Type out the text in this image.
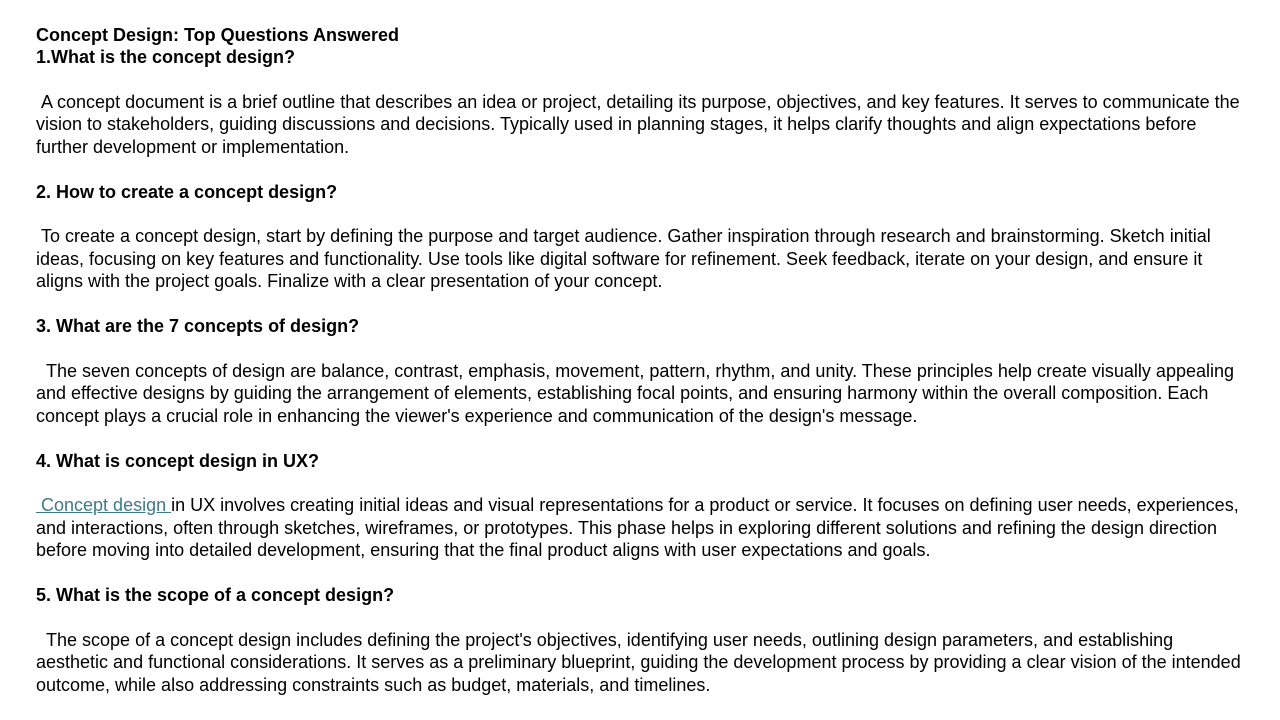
Concept Design: Top Questions Answered

1.What is the concept design?

A concept document is a brief outline that describes an idea or project, detailing its purpose, objectives, and key features. It serves to communicate the vision to stakeholders, guiding discussions and decisions. Typically used in planning stages, it helps clarify thoughts and align expectations before further development or implementation.

2. How to create a concept design?

To create a concept design, start by defining the purpose and target audience. Gather inspiration through research and brainstorming. Sketch initial ideas, focusing on key features and functionality. Use tools like digital software for refinement. Seek feedback, iterate on your design, and ensure it aligns with the project goals. Finalize with a clear presentation of your concept.

3. What are the 7 concepts of design?

The seven concepts of design are balance, contrast, emphasis, movement, pattern, rhythm, and unity. These principles help create visually appealing and effective designs by guiding the arrangement of elements, establishing focal points, and ensuring harmony within the overall composition. Each concept plays a crucial role in enhancing the viewer's experience and communication of the design's message.

4. What is concept design in UX?

Concept design in UX involves creating initial ideas and visual representations for a product or service. It focuses on defining user needs, experiences, and interactions, often through sketches, wireframes, or prototypes. This phase helps in exploring different solutions and refining the design direction before moving into detailed development, ensuring that the final product aligns with user expectations and goals.

5. What is the scope of a concept design?

The scope of a concept design includes defining the project's objectives, identifying user needs, outlining design parameters, and establishing aesthetic and functional considerations. It serves as a preliminary blueprint, guiding the development process by providing a clear vision of the intended outcome, while also addressing constraints such as budget, materials, and timelines.
